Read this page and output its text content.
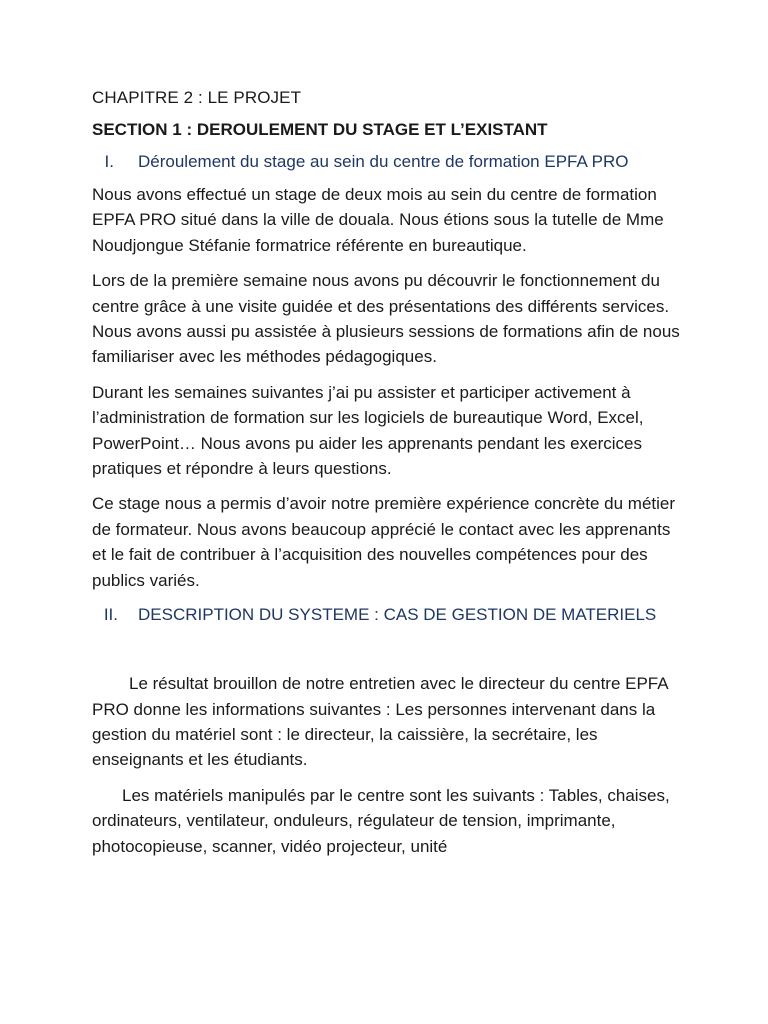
CHAPITRE 2 : LE PROJET
SECTION 1 : DEROULEMENT DU STAGE ET L’EXISTANT
I.	Déroulement du stage au sein du centre de formation EPFA PRO

Nous avons effectué un stage de deux mois au sein du centre de formation EPFA PRO situé dans la ville de douala. Nous étions sous la tutelle de Mme Noudjongue Stéfanie formatrice référente en bureautique.

Lors de la première semaine nous avons pu découvrir le fonctionnement du centre grâce à une visite guidée et des présentations des différents services. Nous avons aussi pu assistée à plusieurs sessions de formations afin de nous familiariser avec les méthodes pédagogiques.

Durant les semaines suivantes j’ai pu assister et participer activement à l’administration de formation sur les logiciels de bureautique Word, Excel, PowerPoint… Nous avons pu aider les apprenants pendant les exercices pratiques et répondre à leurs questions.

Ce stage nous a permis d’avoir notre première expérience concrète du métier de formateur. Nous avons beaucoup apprécié le contact avec les apprenants et le fait de contribuer à l’acquisition des nouvelles compétences pour des publics variés.

II.	DESCRIPTION DU SYSTEME : CAS DE GESTION DE MATERIELS

Le résultat brouillon de notre entretien avec le directeur du centre EPFA PRO donne les informations suivantes : Les personnes intervenant dans la gestion du matériel sont : le directeur, la caissière, la secrétaire, les enseignants et les étudiants.

Les matériels manipulés par le centre sont les suivants : Tables, chaises, ordinateurs, ventilateur, onduleurs, régulateur de tension, imprimante, photocopieuse, scanner, vidéo projecteur, unité
